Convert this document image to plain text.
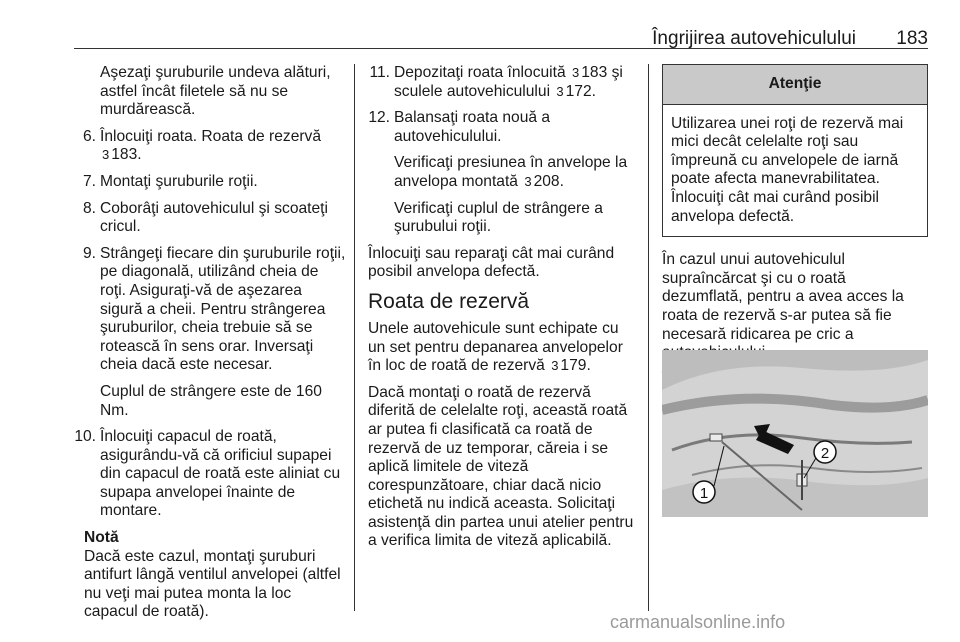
Îngrijirea autovehiculului 183

Aşezaţi şuruburile undeva alături, astfel încât filetele să nu se murdărească.

6. Înlocuiţi roata. Roata de rezervă 3 183.
7. Montaţi şuruburile roţii.
8. Coborâţi autovehiculul şi scoateţi cricul.
9. Strângeţi fiecare din şuruburile roţii, pe diagonală, utilizând cheia de roţi. Asiguraţi-vă de aşezarea sigură a cheii. Pentru strângerea şuruburilor, cheia trebuie să se rotească în sens orar. Inversaţi cheia dacă este necesar.

Cuplul de strângere este de 160 Nm.

10. Înlocuiţi capacul de roată, asigurându-vă că orificiul supapei din capacul de roată este aliniat cu supapa anvelopei înainte de montare.

Notă

Dacă este cazul, montaţi şuruburi antifurt lângă ventilul anvelopei (altfel nu veţi mai putea monta la loc capacul de roată).

11. Depozitaţi roata înlocuită 3 183 şi sculele autovehiculului 3 172.
12. Balansaţi roata nouă a autovehiculului.

Verificaţi presiunea în anvelope la anvelopa montată 3 208.

Verificaţi cuplul de strângere a şurubului roţii.

Înlocuiţi sau reparaţi cât mai curând posibil anvelopa defectă.

Roata de rezervă

Unele autovehicule sunt echipate cu un set pentru depanarea anvelopelor în loc de roată de rezervă 3 179.

Dacă montaţi o roată de rezervă diferită de celelalte roţi, această roată ar putea fi clasificată ca roată de rezervă de uz temporar, căreia i se aplică limitele de viteză corespunzătoare, chiar dacă nicio etichetă nu indică aceasta. Solicitaţi asistenţă din partea unui atelier pentru a verifica limita de viteză aplicabilă.

Atenţie
Utilizarea unei roţi de rezervă mai mici decât celelalte roţi sau împreună cu anvelopele de iarnă poate afecta manevrabilitatea. Înlocuiţi cât mai curând posibil anvelopa defectă.

În cazul unui autovehiculul supraîncărcat şi cu o roată dezumflată, pentru a avea acces la roata de rezervă s-ar putea să fie necesară ridicarea pe cric a

2
1
carmanualsonline.info
